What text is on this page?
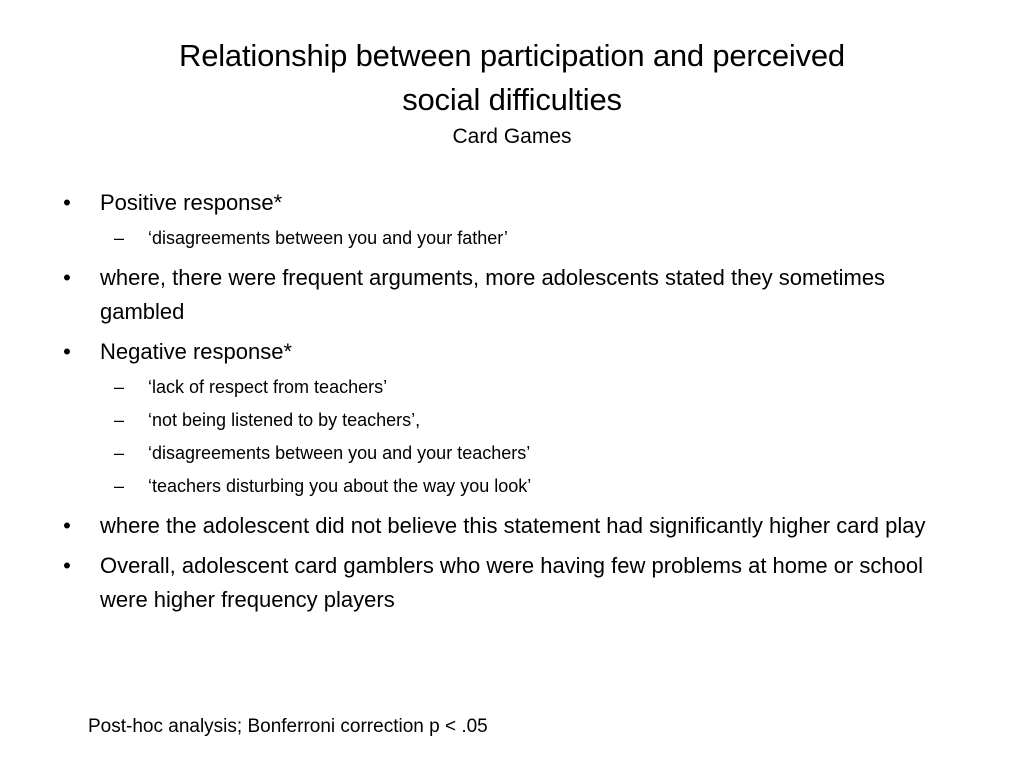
Relationship between participation and perceived
social difficulties
Card Games
• Positive response*
– ‘disagreements between you and your father’
• where, there were frequent arguments, more adolescents stated they sometimes gambled
• Negative response*
– ‘lack of respect from teachers’
– ‘not being listened to by teachers’,
– ‘disagreements between you and your teachers’
– ‘teachers disturbing you about the way you look’
• where the adolescent did not believe this statement had significantly higher card play
• Overall, adolescent card gamblers who were having few problems at home or school were higher frequency players
Post-hoc analysis; Bonferroni correction p < .05
